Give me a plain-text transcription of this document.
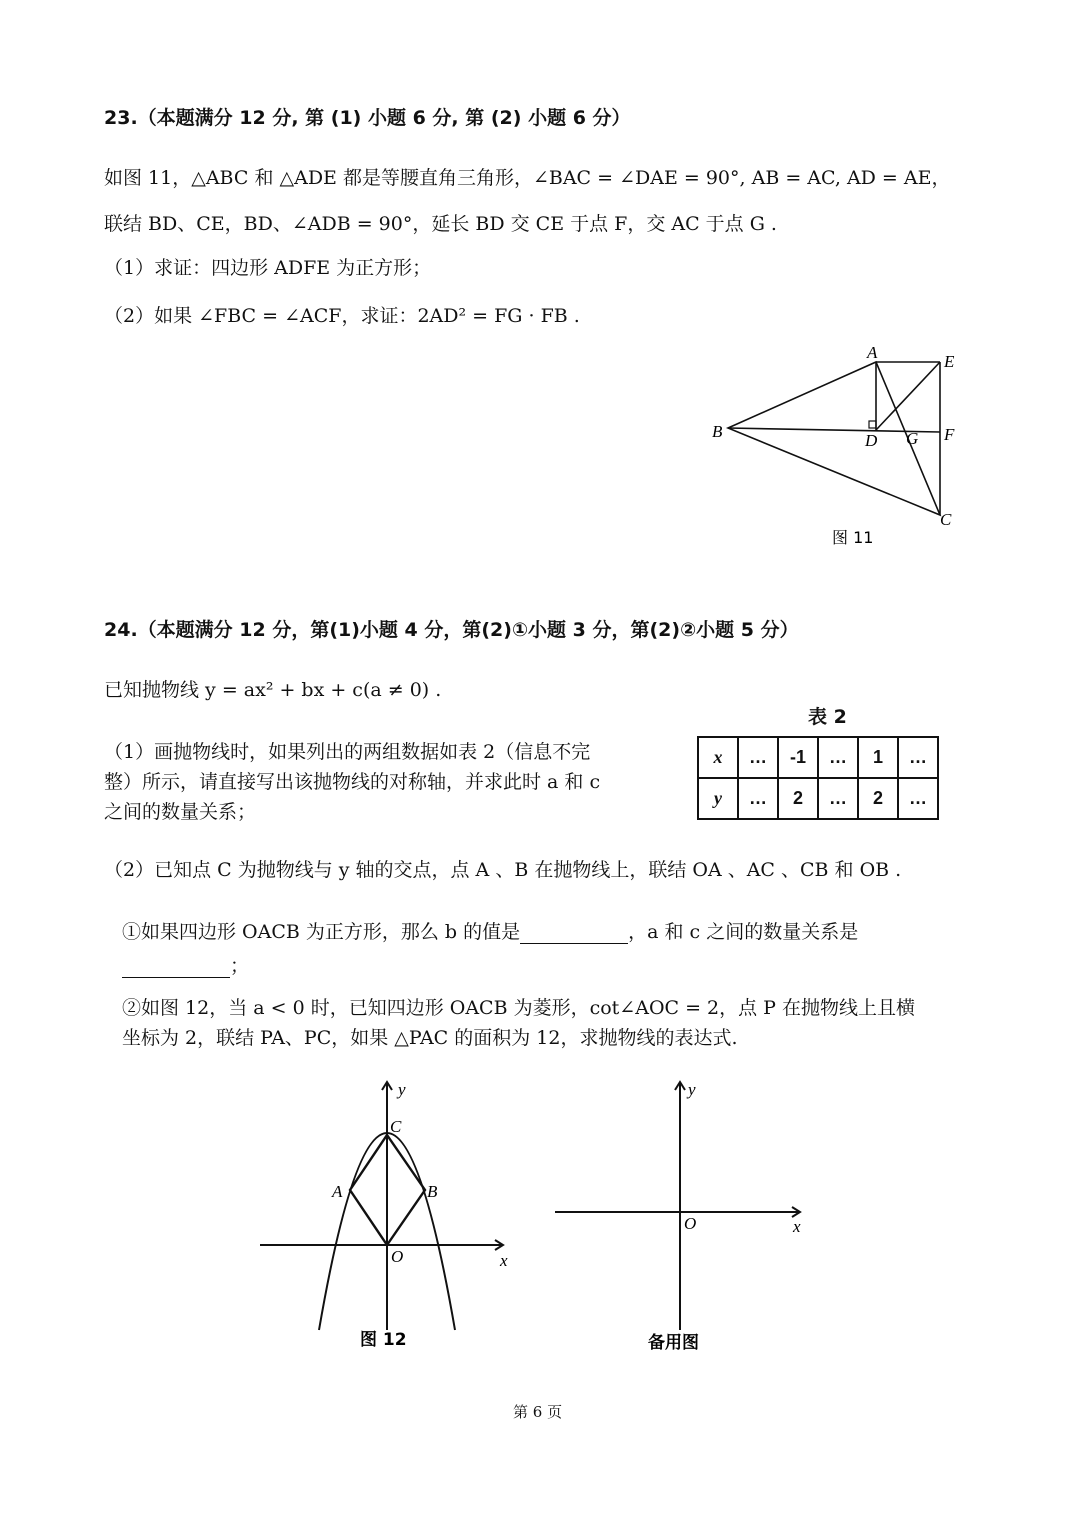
23.（本题满分 12 分, 第 (1) 小题 6 分, 第 (2) 小题 6 分）
如图 11，△ABC 和 △ADE 都是等腰直角三角形，∠BAC = ∠DAE = 90°, AB = AC, AD = AE，
联结 BD、CE，BD、∠ADB = 90°，延长 BD 交 CE 于点 F，交 AC 于点 G .
（1）求证：四边形 ADFE 为正方形；
（2）如果 ∠FBC = ∠ACF，求证：2AD² = FG · FB .
A	E
B	D G F
C
图 11
y
C
A	B
O	x
图 12
y
O	x
备用图
24.（本题满分 12 分，第(1)小题 4 分，第(2)①小题 3 分，第(2)②小题 5 分）
已知抛物线 y = ax² + bx + c(a ≠ 0) .
表 2
x	…	-1	…	1	…
y	…	2	…	2	…
（1）画抛物线时，如果列出的两组数据如表 2（信息不完
整）所示，请直接写出该抛物线的对称轴，并求此时 a 和 c
之间的数量关系；
（2）已知点 C 为抛物线与 y 轴的交点，点 A 、B 在抛物线上，联结 OA 、AC 、CB 和 OB .
①如果四边形 OACB 为正方形，那么 b 的值是	，a 和 c 之间的数量关系是
；
②如图 12，当 a < 0 时，已知四边形 OACB 为菱形，cot∠AOC = 2，点 P 在抛物线上且横
坐标为 2，联结 PA、PC，如果 △PAC 的面积为 12，求抛物线的表达式.
第 6 页
